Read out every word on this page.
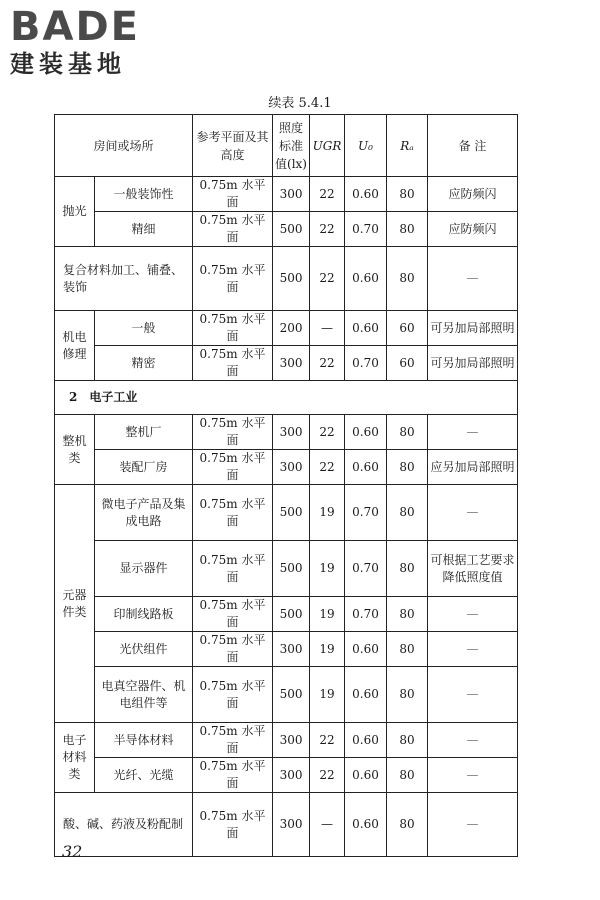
BADE
建装基地
续表 5.4.1
房间或场所		参考平面及其高度	照度标准值(lx)	UGR	U₀	Rₐ	备 注
抛光	一般装饰性	0.75m 水平面	300	22	0.60	80	应防频闪
	精细	0.75m 水平面	500	22	0.70	80	应防频闪
复合材料加工、铺叠、装饰		0.75m 水平面	500	22	0.60	80	—
机电修理	一般	0.75m 水平面	200	—	0.60	60	可另加局部照明
	精密	0.75m 水平面	300	22	0.70	60	可另加局部照明
2　电子工业							
整机类	整机厂	0.75m 水平面	300	22	0.60	80	—
	装配厂房	0.75m 水平面	300	22	0.60	80	应另加局部照明
元器件类	微电子产品及集成电路	0.75m 水平面	500	19	0.70	80	—
	显示器件	0.75m 水平面	500	19	0.70	80	可根据工艺要求降低照度值
	印制线路板	0.75m 水平面	500	19	0.70	80	—
	光伏组件	0.75m 水平面	300	19	0.60	80	—
	电真空器件、机电组件等	0.75m 水平面	500	19	0.60	80	—
电子材料类	半导体材料	0.75m 水平面	300	22	0.60	80	—
	光纤、光缆	0.75m 水平面	300	22	0.60	80	—
酸、碱、药液及粉配制		0.75m 水平面	300	—	0.60	80	—
32
